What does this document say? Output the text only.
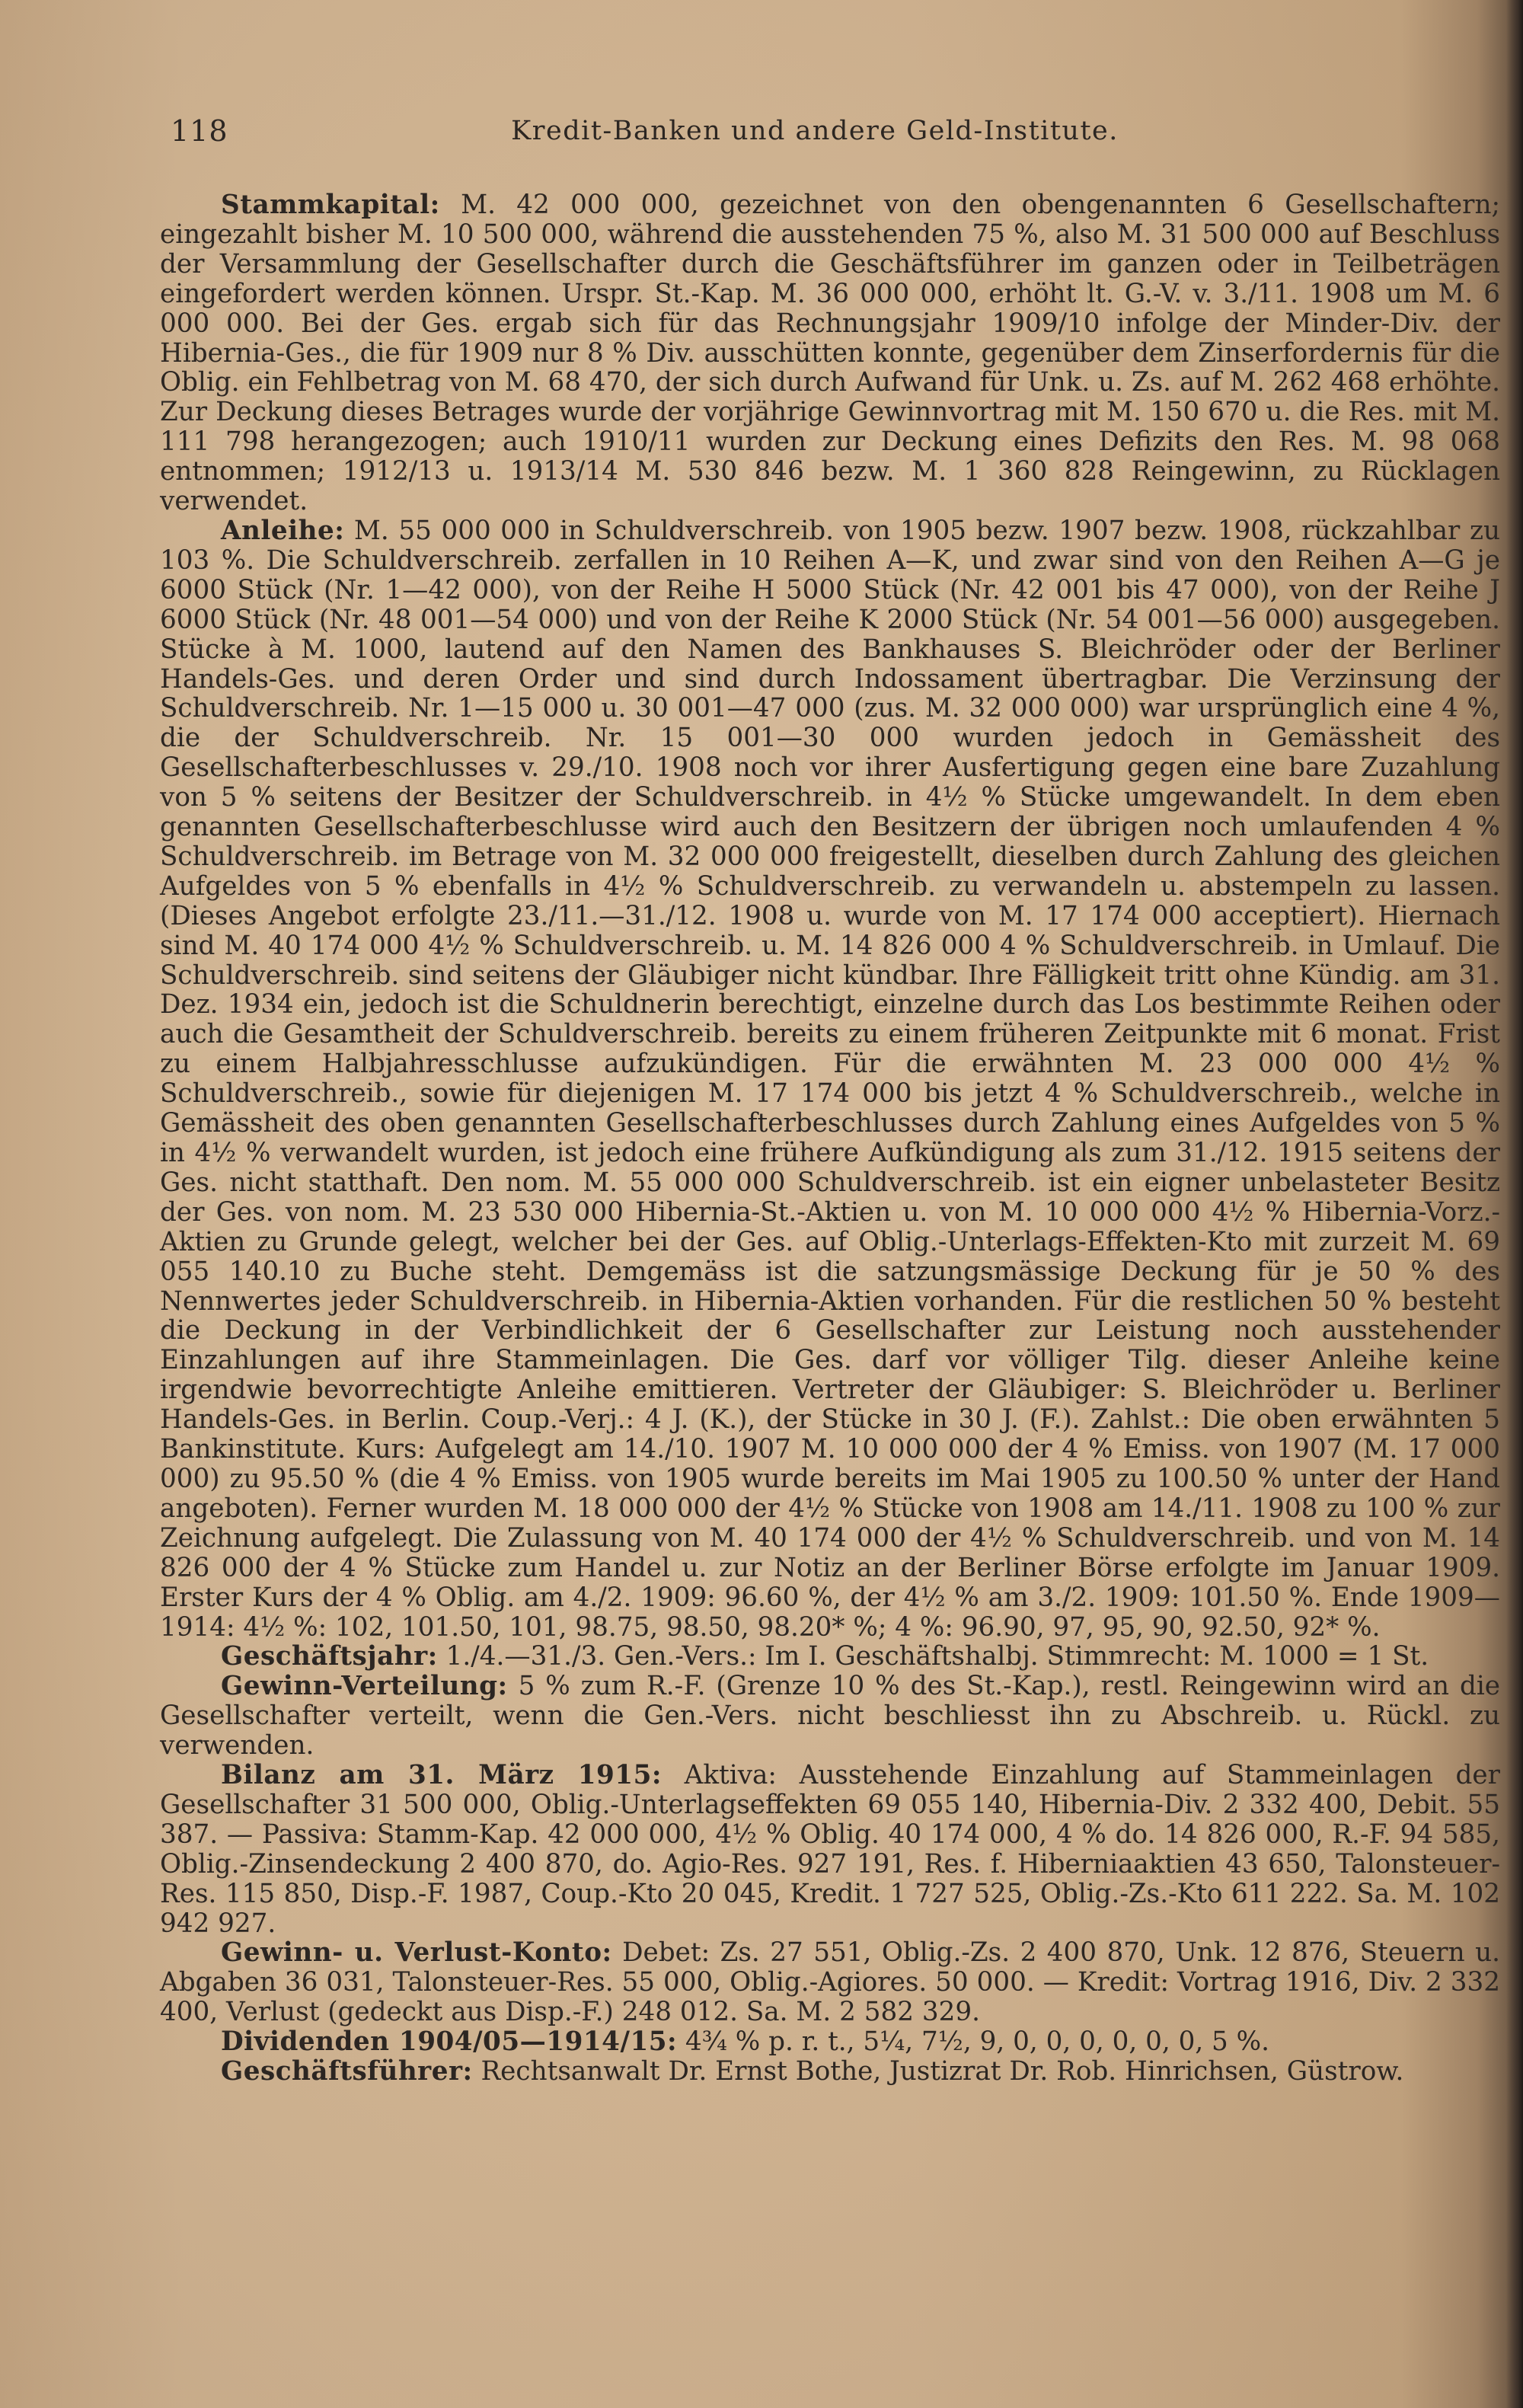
118	Kredit-Banken und andere Geld-Institute.

Stammkapital: M. 42 000 000, gezeichnet von den obengenannten 6 Gesellschaftern; eingezahlt bisher M. 10 500 000, während die ausstehenden 75 %, also M. 31 500 000 auf Beschluss der Versammlung der Gesellschafter durch die Geschäftsführer im ganzen oder in Teilbeträgen eingefordert werden können. Urspr. St.-Kap. M. 36 000 000, erhöht lt. G.-V. v. 3./11. 1908 um M. 6 000 000. Bei der Ges. ergab sich für das Rechnungsjahr 1909/10 infolge der Minder-Div. der Hibernia-Ges., die für 1909 nur 8 % Div. ausschütten konnte, gegenüber dem Zinserfordernis für die Oblig. ein Fehlbetrag von M. 68 470, der sich durch Aufwand für Unk. u. Zs. auf M. 262 468 erhöhte. Zur Deckung dieses Betrages wurde der vorjährige Gewinnvortrag mit M. 150 670 u. die Res. mit M. 111 798 herangezogen; auch 1910/11 wurden zur Deckung eines Defizits den Res. M. 98 068 entnommen; 1912/13 u. 1913/14 M. 530 846 bezw. M. 1 360 828 Reingewinn, zu Rücklagen verwendet.

Anleihe: M. 55 000 000 in Schuldverschreib. von 1905 bezw. 1907 bezw. 1908, rückzahlbar zu 103 %. Die Schuldverschreib. zerfallen in 10 Reihen A—K, und zwar sind von den Reihen A—G je 6000 Stück (Nr. 1—42 000), von der Reihe H 5000 Stück (Nr. 42 001 bis 47 000), von der Reihe J 6000 Stück (Nr. 48 001—54 000) und von der Reihe K 2000 Stück (Nr. 54 001—56 000) ausgegeben. Stücke à M. 1000, lautend auf den Namen des Bankhauses S. Bleichröder oder der Berliner Handels-Ges. und deren Order und sind durch Indossament übertragbar. Die Verzinsung der Schuldverschreib. Nr. 1—15 000 u. 30 001—47 000 (zus. M. 32 000 000) war ursprünglich eine 4 %, die der Schuldverschreib. Nr. 15 001—30 000 wurden jedoch in Gemässheit des Gesellschafterbeschlusses v. 29./10. 1908 noch vor ihrer Ausfertigung gegen eine bare Zuzahlung von 5 % seitens der Besitzer der Schuldverschreib. in 4½ % Stücke umgewandelt. In dem eben genannten Gesellschafterbeschlusse wird auch den Besitzern der übrigen noch umlaufenden 4 % Schuldverschreib. im Betrage von M. 32 000 000 freigestellt, dieselben durch Zahlung des gleichen Aufgeldes von 5 % ebenfalls in 4½ % Schuldverschreib. zu verwandeln u. abstempeln zu lassen. (Dieses Angebot erfolgte 23./11.—31./12. 1908 u. wurde von M. 17 174 000 acceptiert). Hiernach sind M. 40 174 000 4½ % Schuldverschreib. u. M. 14 826 000 4 % Schuldverschreib. in Umlauf. Die Schuldverschreib. sind seitens der Gläubiger nicht kündbar. Ihre Fälligkeit tritt ohne Kündig. am 31. Dez. 1934 ein, jedoch ist die Schuldnerin berechtigt, einzelne durch das Los bestimmte Reihen oder auch die Gesamtheit der Schuldverschreib. bereits zu einem früheren Zeitpunkte mit 6 monat. Frist zu einem Halbjahresschlusse aufzukündigen. Für die erwähnten M. 23 000 000 4½ % Schuldverschreib., sowie für diejenigen M. 17 174 000 bis jetzt 4 % Schuldverschreib., welche in Gemässheit des oben genannten Gesellschafterbeschlusses durch Zahlung eines Aufgeldes von 5 % in 4½ % verwandelt wurden, ist jedoch eine frühere Aufkündigung als zum 31./12. 1915 seitens der Ges. nicht statthaft. Den nom. M. 55 000 000 Schuldverschreib. ist ein eigner unbelasteter Besitz der Ges. von nom. M. 23 530 000 Hibernia-St.-Aktien u. von M. 10 000 000 4½ % Hibernia-Vorz.-Aktien zu Grunde gelegt, welcher bei der Ges. auf Oblig.-Unterlags-Effekten-Kto mit zurzeit M. 69 055 140.10 zu Buche steht. Demgemäss ist die satzungsmässige Deckung für je 50 % des Nennwertes jeder Schuldverschreib. in Hibernia-Aktien vorhanden. Für die restlichen 50 % besteht die Deckung in der Verbindlichkeit der 6 Gesellschafter zur Leistung noch ausstehender Einzahlungen auf ihre Stammeinlagen. Die Ges. darf vor völliger Tilg. dieser Anleihe keine irgendwie bevorrechtigte Anleihe emittieren. Vertreter der Gläubiger: S. Bleichröder u. Berliner Handels-Ges. in Berlin. Coup.-Verj.: 4 J. (K.), der Stücke in 30 J. (F.). Zahlst.: Die oben erwähnten 5 Bankinstitute. Kurs: Aufgelegt am 14./10. 1907 M. 10 000 000 der 4 % Emiss. von 1907 (M. 17 000 000) zu 95.50 % (die 4 % Emiss. von 1905 wurde bereits im Mai 1905 zu 100.50 % unter der Hand angeboten). Ferner wurden M. 18 000 000 der 4½ % Stücke von 1908 am 14./11. 1908 zu 100 % zur Zeichnung aufgelegt. Die Zulassung von M. 40 174 000 der 4½ % Schuldverschreib. und von M. 14 826 000 der 4 % Stücke zum Handel u. zur Notiz an der Berliner Börse erfolgte im Januar 1909. Erster Kurs der 4 % Oblig. am 4./2. 1909: 96.60 %, der 4½ % am 3./2. 1909: 101.50 %. Ende 1909—1914: 4½ %: 102, 101.50, 101, 98.75, 98.50, 98.20* %; 4 %: 96.90, 97, 95, 90, 92.50, 92* %.

Geschäftsjahr: 1./4.—31./3. Gen.-Vers.: Im I. Geschäftshalbj. Stimmrecht: M. 1000 = 1 St.

Gewinn-Verteilung: 5 % zum R.-F. (Grenze 10 % des St.-Kap.), restl. Reingewinn wird an die Gesellschafter verteilt, wenn die Gen.-Vers. nicht beschliesst ihn zu Abschreib. u. Rückl. zu verwenden.

Bilanz am 31. März 1915: Aktiva: Ausstehende Einzahlung auf Stammeinlagen der Gesellschafter 31 500 000, Oblig.-Unterlagseffekten 69 055 140, Hibernia-Div. 2 332 400, Debit. 55 387. — Passiva: Stamm-Kap. 42 000 000, 4½ % Oblig. 40 174 000, 4 % do. 14 826 000, R.-F. 94 585, Oblig.-Zinsendeckung 2 400 870, do. Agio-Res. 927 191, Res. f. Hiberniaaktien 43 650, Talonsteuer-Res. 115 850, Disp.-F. 1987, Coup.-Kto 20 045, Kredit. 1 727 525, Oblig.-Zs.-Kto 611 222. Sa. M. 102 942 927.

Gewinn- u. Verlust-Konto: Debet: Zs. 27 551, Oblig.-Zs. 2 400 870, Unk. 12 876, Steuern u. Abgaben 36 031, Talonsteuer-Res. 55 000, Oblig.-Agiores. 50 000. — Kredit: Vortrag 1916, Div. 2 332 400, Verlust (gedeckt aus Disp.-F.) 248 012. Sa. M. 2 582 329.

Dividenden 1904/05—1914/15: 4¾ % p. r. t., 5¼, 7½, 9, 0, 0, 0, 0, 0, 0, 5 %.

Geschäftsführer: Rechtsanwalt Dr. Ernst Bothe, Justizrat Dr. Rob. Hinrichsen, Güstrow.
